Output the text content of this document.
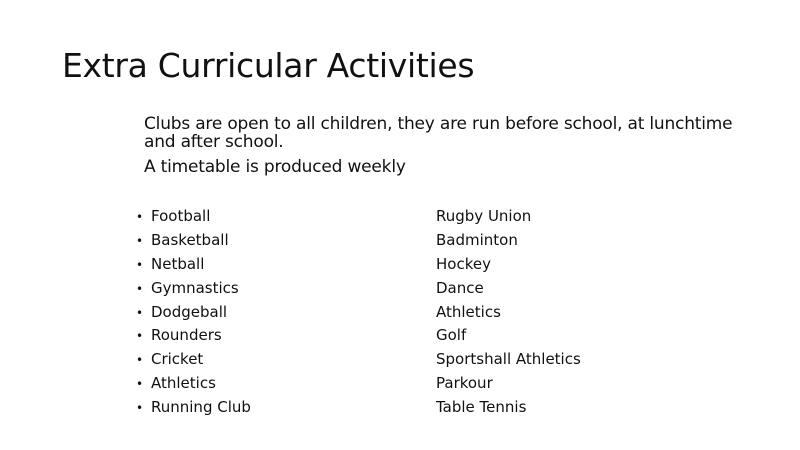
Extra Curricular Activities

Clubs are open to all children, they are run before school, at lunchtime and after school.

A timetable is produced weekly

• Football
• Basketball
• Netball
• Gymnastics
• Dodgeball
• Rounders
• Cricket
• Athletics
• Running Club
Rugby Union
Badminton
Hockey
Dance
Athletics
Golf
Sportshall Athletics
Parkour
Table Tennis
